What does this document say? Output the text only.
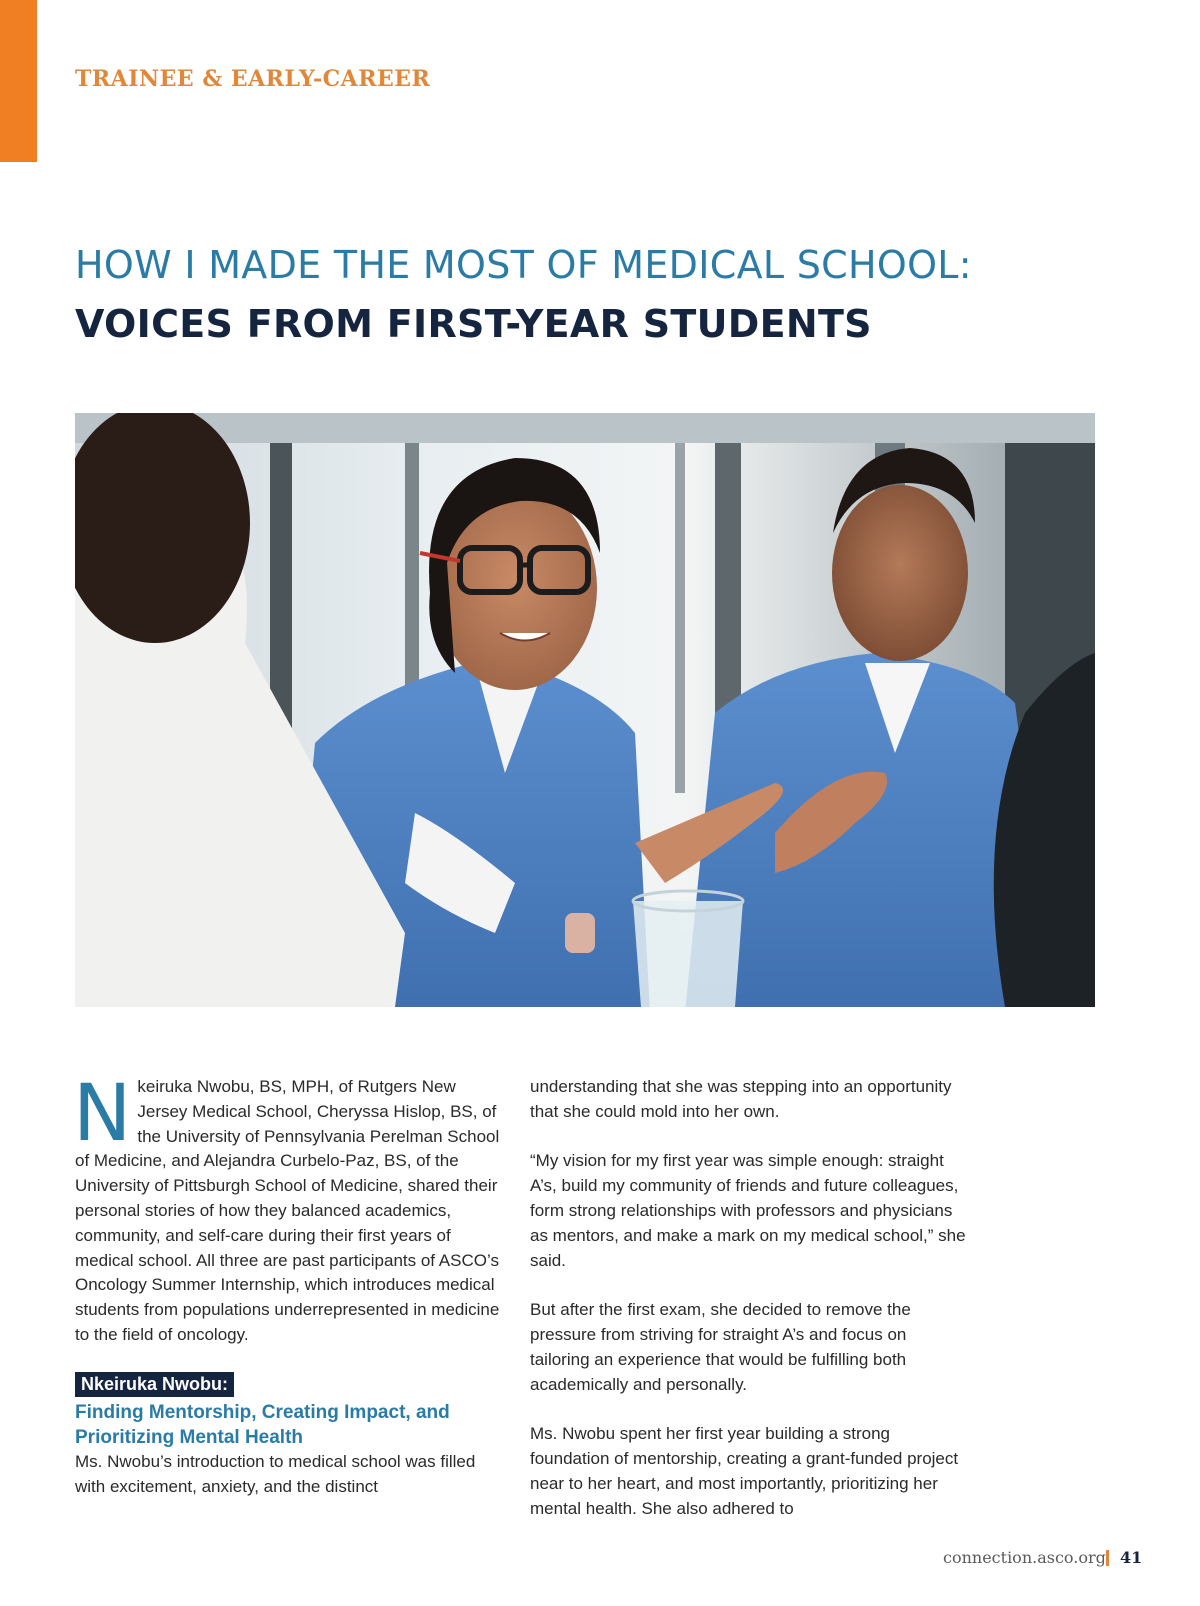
TRAINEE & EARLY-CAREER
HOW I MADE THE MOST OF MEDICAL SCHOOL:
VOICES FROM FIRST-YEAR STUDENTS

Nkeiruka Nwobu, BS, MPH, of Rutgers New Jersey Medical School, Cheryssa Hislop, BS, of the University of Pennsylvania Perelman School of Medicine, and Alejandra Curbelo-Paz, BS, of the University of Pittsburgh School of Medicine, shared their personal stories of how they balanced academics, community, and self-care during their first years of medical school. All three are past participants of ASCO’s Oncology Summer Internship, which introduces medical students from populations underrepresented in medicine to the field of oncology.

Nkeiruka Nwobu:
Finding Mentorship, Creating Impact, and Prioritizing Mental Health

Ms. Nwobu’s introduction to medical school was filled with excitement, anxiety, and the distinct

understanding that she was stepping into an opportunity that she could mold into her own.

“My vision for my first year was simple enough: straight A’s, build my community of friends and future colleagues, form strong relationships with professors and physicians as mentors, and make a mark on my medical school,” she said.

But after the first exam, she decided to remove the pressure from striving for straight A’s and focus on tailoring an experience that would be fulfilling both academically and personally.

Ms. Nwobu spent her first year building a strong foundation of mentorship, creating a grant-funded project near to her heart, and most importantly, prioritizing her mental health. She also adhered to

connection.asco.org 41
